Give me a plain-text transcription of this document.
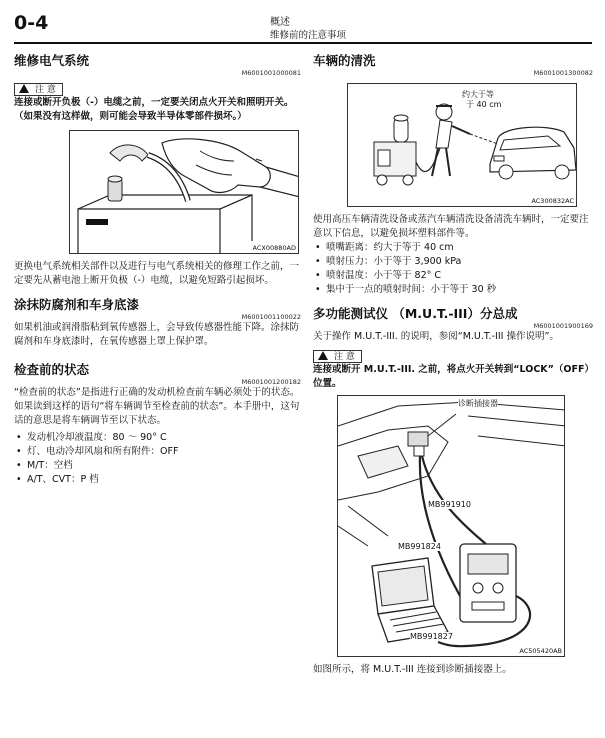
0-4	概述
维修前的注意事项
维修电气系统
M6001001000081
注 意
连接或断开负极（-）电缆之前，一定要关闭点火开关和照明开关。（如果没有这样做，则可能会导致半导体零部件损坏。）
ACX00880AD
更换电气系统相关部件以及进行与电气系统相关的修理工作之前，一定要先从蓄电池上断开负极（-）电缆，以避免短路引起损坏。
涂抹防腐剂和车身底漆
M6001001100022
如果机油或润滑脂粘到氧传感器上，会导致传感器性能下降。涂抹防腐剂和车身底漆时，在氧传感器上罩上保护罩。
检查前的状态
M6001001200182
“检查前的状态”是指进行正确的发动机检查前车辆必须处于的状态。如果读到这样的语句“将车辆调节至检查前的状态”。本手册中，这句话的意思是将车辆调节至以下状态。
• 发动机冷却液温度：80 ～ 90° C
• 灯、电动冷却风扇和所有附件：OFF
• M/T：空档
• A/T、CVT：P 档
车辆的清洗
M6001001300082
约大于等
于 40 cm
AC300832AC
使用高压车辆清洗设备或蒸汽车辆清洗设备清洗车辆时，一定要注意以下信息，以避免损坏塑料部件等。
• 喷嘴距离：约大于等于 40 cm
• 喷射压力：小于等于 3,900 kPa
• 喷射温度：小于等于 82° C
• 集中于一点的喷射时间：小于等于 30 秒
多功能测试仪 （M.U.T.-III）分总成
M6001001900169
关于操作 M.U.T.-III. 的说明，参阅“M.U.T.-III 操作说明”。
注 意
连接或断开 M.U.T.-III. 之前，将点火开关转到“LOCK”（OFF）位置。
诊断插接器
MB991910
MB991824
MB991827
AC505420AB
如图所示，将 M.U.T.-III 连接到诊断插接器上。
